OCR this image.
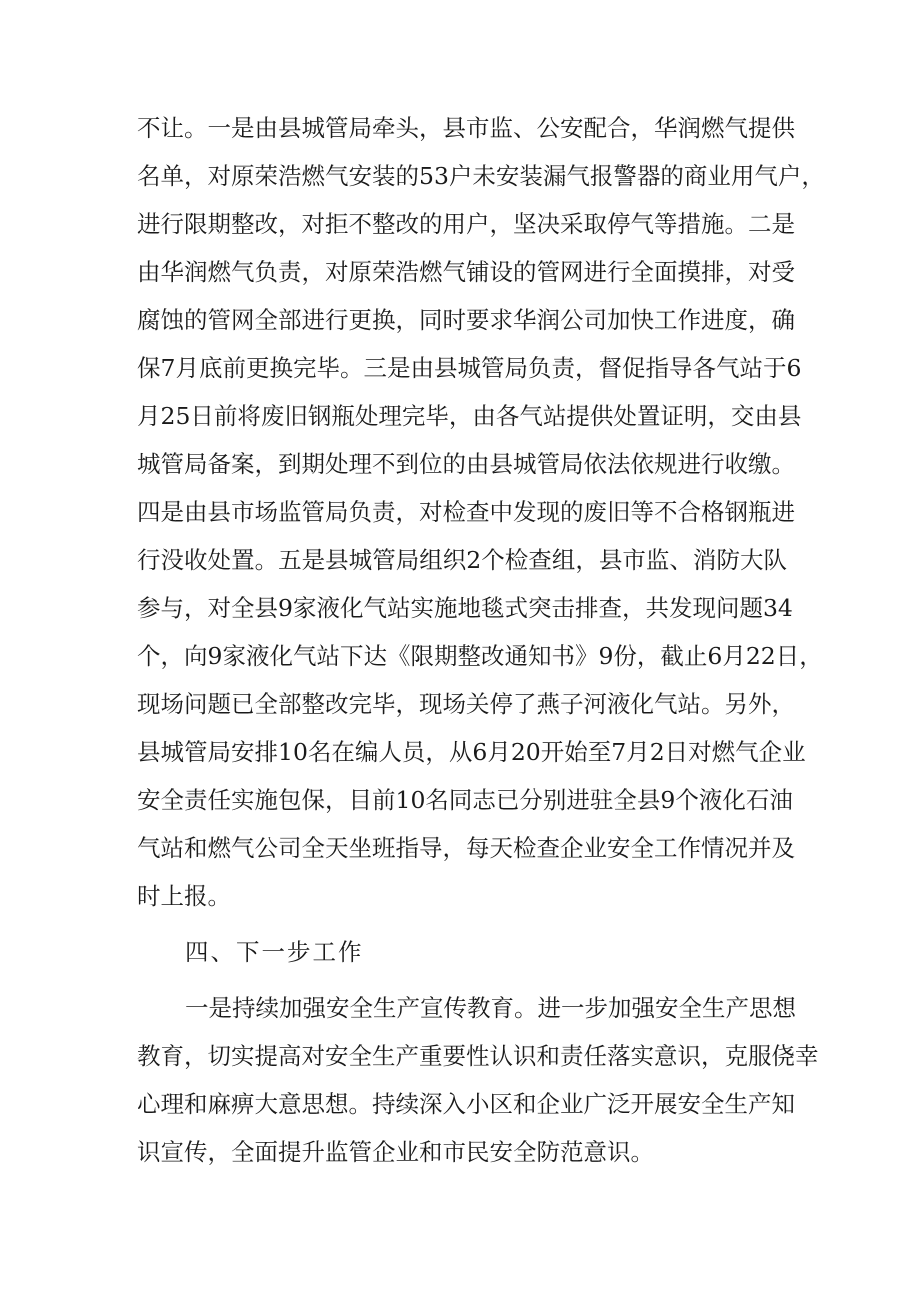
不让。一是由县城管局牵头，县市监、公安配合，华润燃气提供

名单，对原荣浩燃气安装的53户未安装漏气报警器的商业用气户，

进行限期整改，对拒不整改的用户，坚决采取停气等措施。二是

由华润燃气负责，对原荣浩燃气铺设的管网进行全面摸排，对受

腐蚀的管网全部进行更换，同时要求华润公司加快工作进度，确

保7月底前更换完毕。三是由县城管局负责，督促指导各气站于6

月25日前将废旧钢瓶处理完毕，由各气站提供处置证明，交由县

城管局备案，到期处理不到位的由县城管局依法依规进行收缴。

四是由县市场监管局负责，对检查中发现的废旧等不合格钢瓶进

行没收处置。五是县城管局组织2个检查组，县市监、消防大队

参与，对全县9家液化气站实施地毯式突击排查，共发现问题34

个，向9家液化气站下达《限期整改通知书》9份，截止6月22日，

现场问题已全部整改完毕，现场关停了燕子河液化气站。另外，

县城管局安排10名在编人员，从6月20开始至7月2日对燃气企业

安全责任实施包保，目前10名同志已分别进驻全县9个液化石油

气站和燃气公司全天坐班指导，每天检查企业安全工作情况并及

时上报。

四、下一步工作

一是持续加强安全生产宣传教育。进一步加强安全生产思想

教育，切实提高对安全生产重要性认识和责任落实意识，克服侥幸

心理和麻痹大意思想。持续深入小区和企业广泛开展安全生产知

识宣传，全面提升监管企业和市民安全防范意识。
